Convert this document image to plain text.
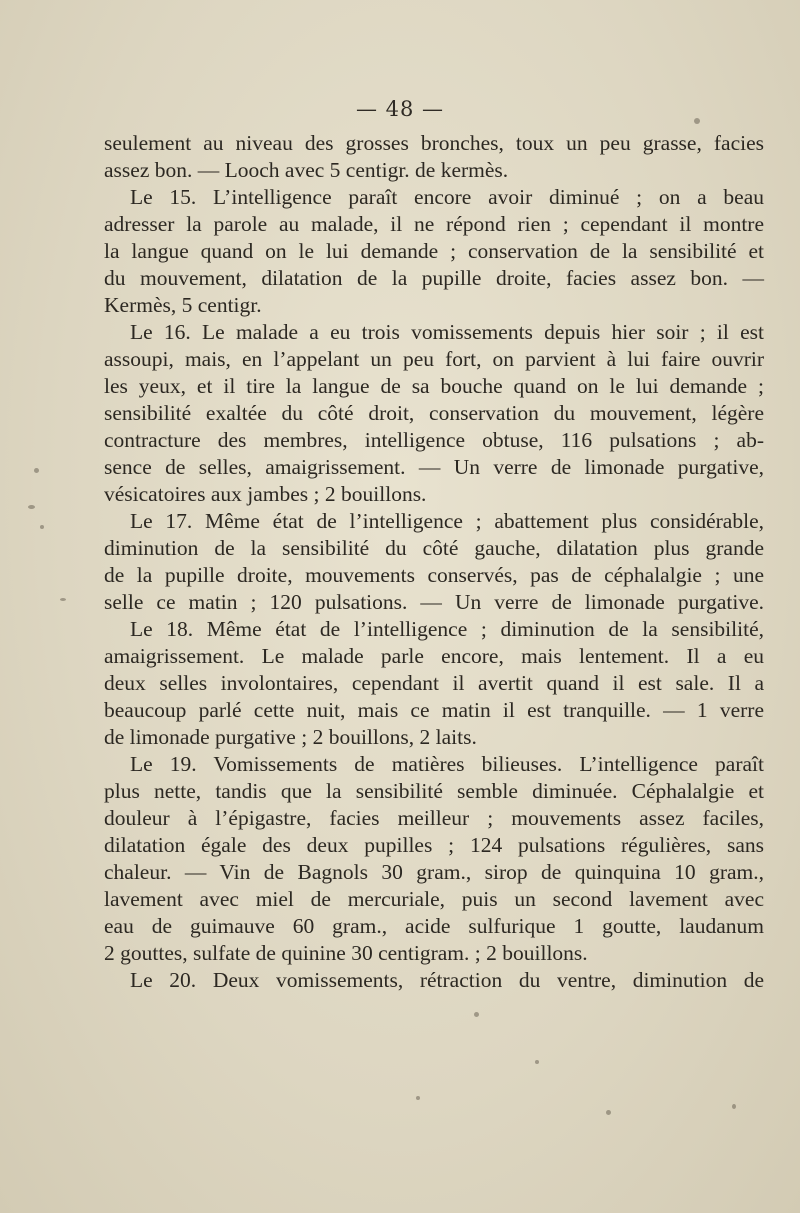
— 48 —
seulement au niveau des grosses bronches, toux un peu grasse, facies
assez bon. — Looch avec 5 centigr. de kermès.
Le 15. L’intelligence paraît encore avoir diminué ; on a beau
adresser la parole au malade, il ne répond rien ; cependant il montre
la langue quand on le lui demande ; conservation de la sensibilité et
du mouvement, dilatation de la pupille droite, facies assez bon. —
Kermès, 5 centigr.
Le 16. Le malade a eu trois vomissements depuis hier soir ; il est
assoupi, mais, en l’appelant un peu fort, on parvient à lui faire ouvrir
les yeux, et il tire la langue de sa bouche quand on le lui demande ;
sensibilité exaltée du côté droit, conservation du mouvement, légère
contracture des membres, intelligence obtuse, 116 pulsations ; ab-
sence de selles, amaigrissement. — Un verre de limonade purgative,
vésicatoires aux jambes ; 2 bouillons.
Le 17. Même état de l’intelligence ; abattement plus considérable,
diminution de la sensibilité du côté gauche, dilatation plus grande
de la pupille droite, mouvements conservés, pas de céphalalgie ; une
selle ce matin ; 120 pulsations. — Un verre de limonade purgative.
Le 18. Même état de l’intelligence ; diminution de la sensibilité,
amaigrissement. Le malade parle encore, mais lentement. Il a eu
deux selles involontaires, cependant il avertit quand il est sale. Il a
beaucoup parlé cette nuit, mais ce matin il est tranquille. — 1 verre
de limonade purgative ; 2 bouillons, 2 laits.
Le 19. Vomissements de matières bilieuses. L’intelligence paraît
plus nette, tandis que la sensibilité semble diminuée. Céphalalgie et
douleur à l’épigastre, facies meilleur ; mouvements assez faciles,
dilatation égale des deux pupilles ; 124 pulsations régulières, sans
chaleur. — Vin de Bagnols 30 gram., sirop de quinquina 10 gram.,
lavement avec miel de mercuriale, puis un second lavement avec
eau de guimauve 60 gram., acide sulfurique 1 goutte, laudanum
2 gouttes, sulfate de quinine 30 centigram. ; 2 bouillons.
Le 20. Deux vomissements, rétraction du ventre, diminution de
